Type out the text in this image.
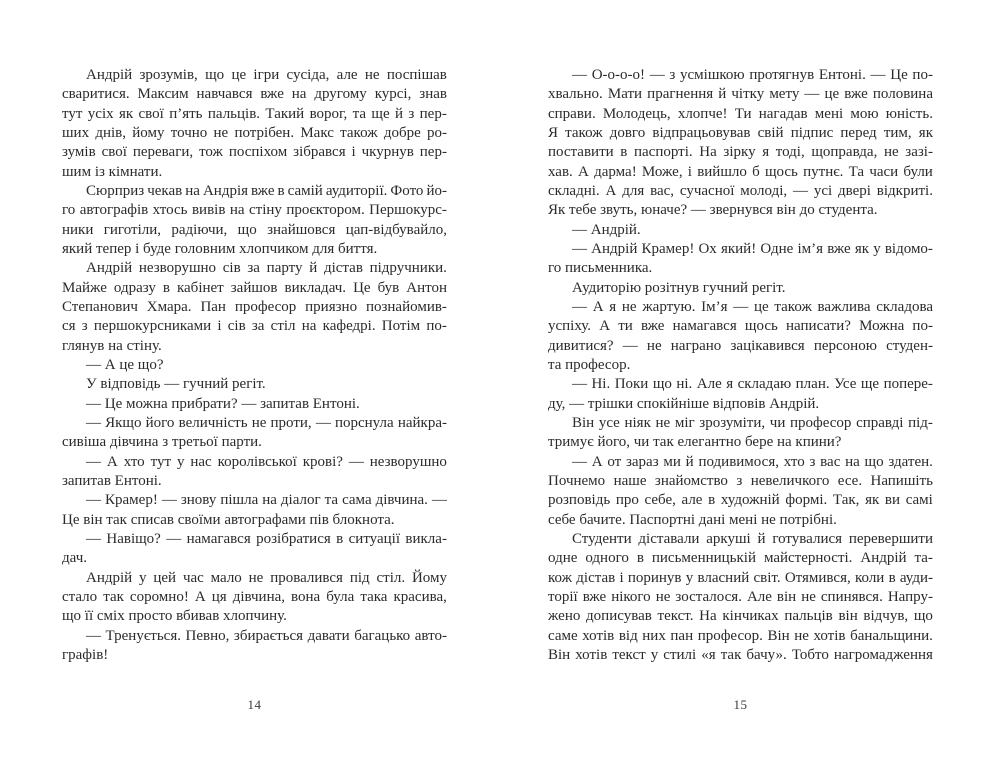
Андрій зрозумів, що це ігри сусіда, але не поспішав
сваритися. Максим навчався вже на другому курсі, знав
тут усіх як свої п’ять пальців. Такий ворог, та ще й з пер-
ших днів, йому точно не потрібен. Макс також добре ро-
зумів свої переваги, тож поспіхом зібрався і чкурнув пер-
шим із кімнати.
Сюрприз чекав на Андрія вже в самій аудиторії. Фото йо-
го автографів хтось вивів на стіну проєктором. Першокурс-
ники гиготіли, радіючи, що знайшовся цап-відбувайло,
який тепер і буде головним хлопчиком для биття.
Андрій незворушно сів за парту й дістав підручники.
Майже одразу в кабінет зайшов викладач. Це був Антон
Степанович Хмара. Пан професор приязно познайомив-
ся з першокурсниками і сів за стіл на кафедрі. Потім по-
глянув на стіну.
— А це що?
У відповідь — гучний регіт.
— Це можна прибрати? — запитав Ентоні.
— Якщо його величність не проти, — порснула найкра-
сивіша дівчина з третьої парти.
— А хто тут у нас королівської крові? — незворушно
запитав Ентоні.
— Крамер! — знову пішла на діалог та сама дівчина. —
Це він так списав своїми автографами пів блокнота.
— Навіщо? — намагався розібратися в ситуації викла-
дач.
Андрій у цей час мало не провалився під стіл. Йому
стало так соромно! А ця дівчина, вона була така красива,
що її сміх просто вбивав хлопчину.
— Тренується. Певно, збирається давати багацько авто-
графів!
14
— О-о-о-о! — з усмішкою протягнув Ентоні. — Це по-
хвально. Мати прагнення й чітку мету — це вже половина
справи. Молодець, хлопче! Ти нагадав мені мою юність.
Я також довго відпрацьовував свій підпис перед тим, як
поставити в паспорті. На зірку я тоді, щоправда, не зазі-
хав. А дарма! Може, і вийшло б щось путнє. Та часи були
складні. А для вас, сучасної молоді, — усі двері відкриті.
Як тебе звуть, юначе? — звернувся він до студента.
— Андрій.
— Андрій Крамер! Ох який! Одне ім’я вже як у відомо-
го письменника.
Аудиторію розітнув гучний регіт.
— А я не жартую. Ім’я — це також важлива складова
успіху. А ти вже намагався щось написати? Можна по-
дивитися? — не награно зацікавився персоною студен-
та професор.
— Ні. Поки що ні. Але я складаю план. Усе ще попере-
ду, — трішки спокійніше відповів Андрій.
Він усе ніяк не міг зрозуміти, чи професор справді під-
тримує його, чи так елегантно бере на кпини?
— А от зараз ми й подивимося, хто з вас на що здатен.
Почнемо наше знайомство з невеличкого есе. Напишіть
розповідь про себе, але в художній формі. Так, як ви самі
себе бачите. Паспортні дані мені не потрібні.
Студенти діставали аркуші й готувалися перевершити
одне одного в письменницькій майстерності. Андрій та-
кож дістав і поринув у власний світ. Отямився, коли в ауди-
торії вже нікого не зосталося. Але він не спинявся. Напру-
жено дописував текст. На кінчиках пальців він відчув, що
саме хотів від них пан професор. Він не хотів банальщини.
Він хотів текст у стилі «я так бачу». Тобто нагромадження
15
